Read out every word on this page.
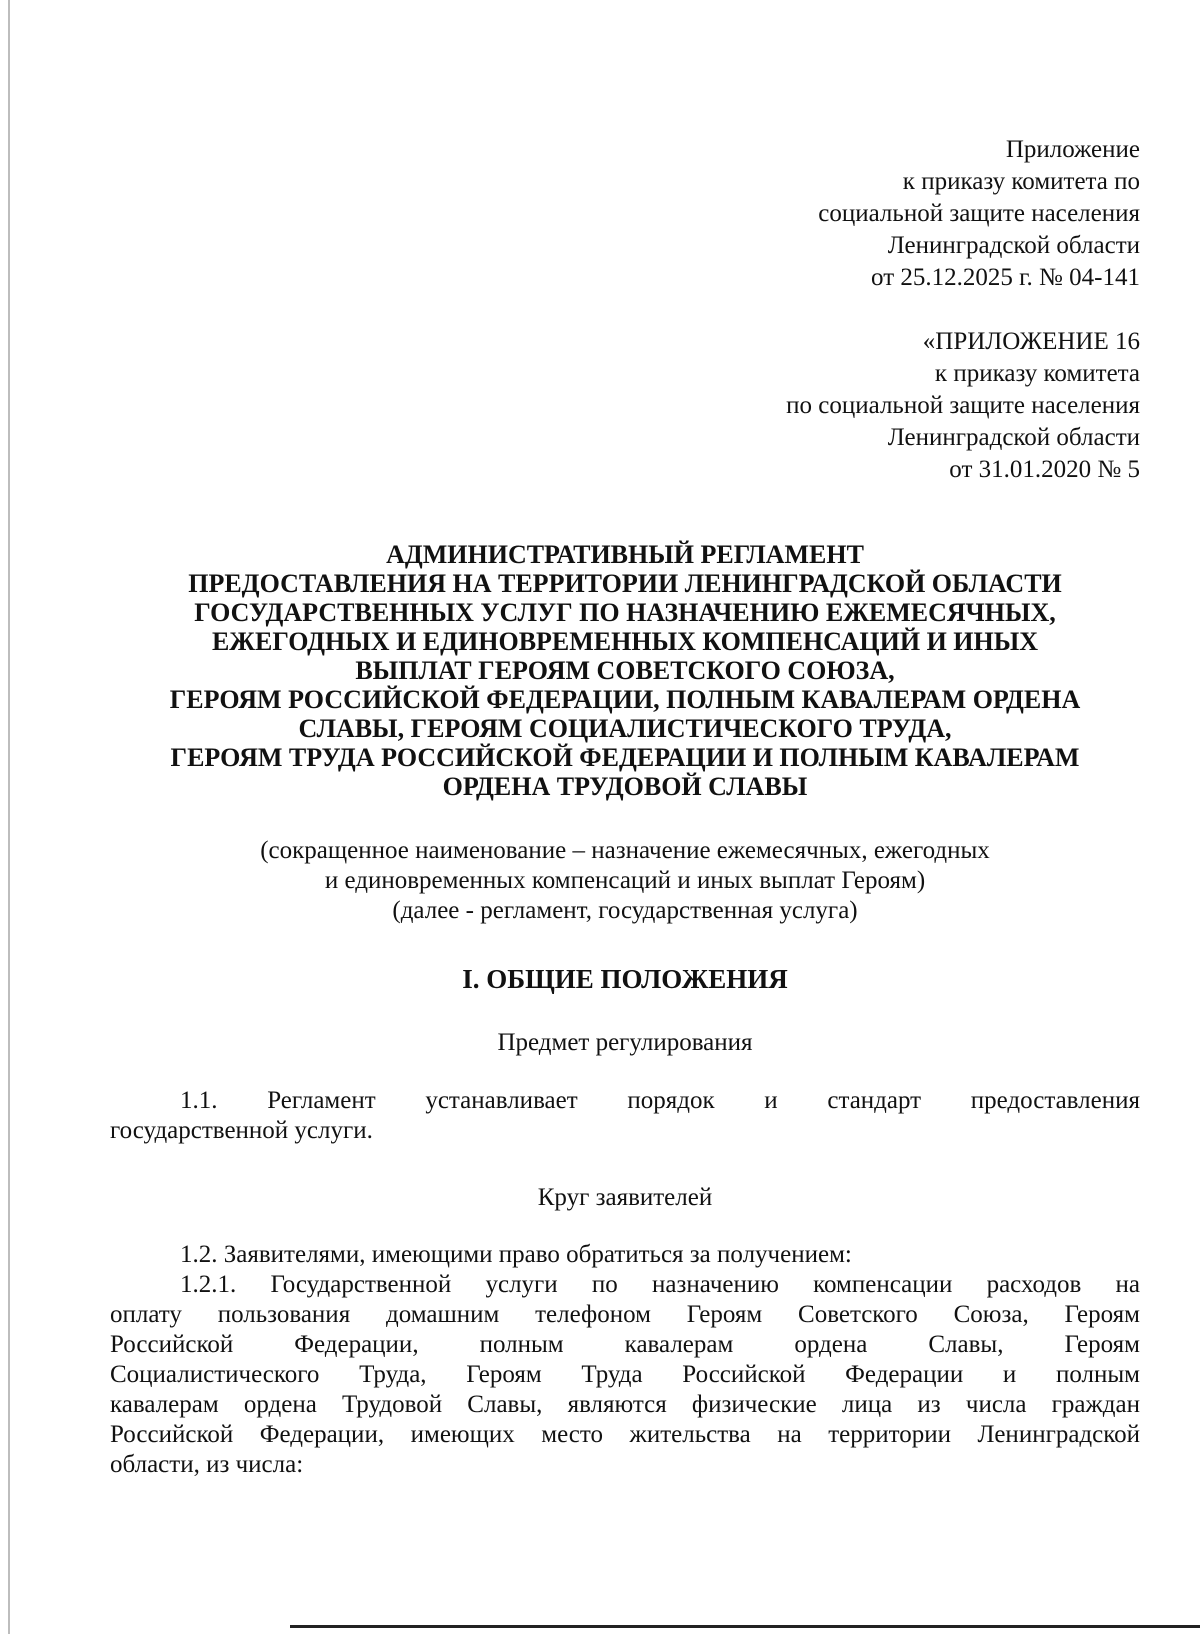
Приложение
к приказу комитета по
социальной защите населения
Ленинградской области
от 25.12.2025 г. № 04-141
«ПРИЛОЖЕНИЕ 16
к приказу комитета
по социальной защите населения
Ленинградской области
от 31.01.2020 № 5
АДМИНИСТРАТИВНЫЙ РЕГЛАМЕНТ
ПРЕДОСТАВЛЕНИЯ НА ТЕРРИТОРИИ ЛЕНИНГРАДСКОЙ ОБЛАСТИ
ГОСУДАРСТВЕННЫХ УСЛУГ ПО НАЗНАЧЕНИЮ ЕЖЕМЕСЯЧНЫХ,
ЕЖЕГОДНЫХ И ЕДИНОВРЕМЕННЫХ КОМПЕНСАЦИЙ И ИНЫХ
ВЫПЛАТ ГЕРОЯМ СОВЕТСКОГО СОЮЗА,
ГЕРОЯМ РОССИЙСКОЙ ФЕДЕРАЦИИ, ПОЛНЫМ КАВАЛЕРАМ ОРДЕНА
СЛАВЫ, ГЕРОЯМ СОЦИАЛИСТИЧЕСКОГО ТРУДА,
ГЕРОЯМ ТРУДА РОССИЙСКОЙ ФЕДЕРАЦИИ И ПОЛНЫМ КАВАЛЕРАМ
ОРДЕНА ТРУДОВОЙ СЛАВЫ
(сокращенное наименование – назначение ежемесячных, ежегодных
и единовременных компенсаций и иных выплат Героям)
(далее - регламент, государственная услуга)
I. ОБЩИЕ ПОЛОЖЕНИЯ
Предмет регулирования
1.1. Регламент устанавливает порядок и стандарт предоставления
государственной услуги.
Круг заявителей
1.2. Заявителями, имеющими право обратиться за получением:
1.2.1. Государственной услуги по назначению компенсации расходов на
оплату пользования домашним телефоном Героям Советского Союза, Героям
Российской Федерации, полным кавалерам ордена Славы, Героям
Социалистического Труда, Героям Труда Российской Федерации и полным
кавалерам ордена Трудовой Славы, являются физические лица из числа граждан
Российской Федерации, имеющих место жительства на территории Ленинградской
области, из числа:
